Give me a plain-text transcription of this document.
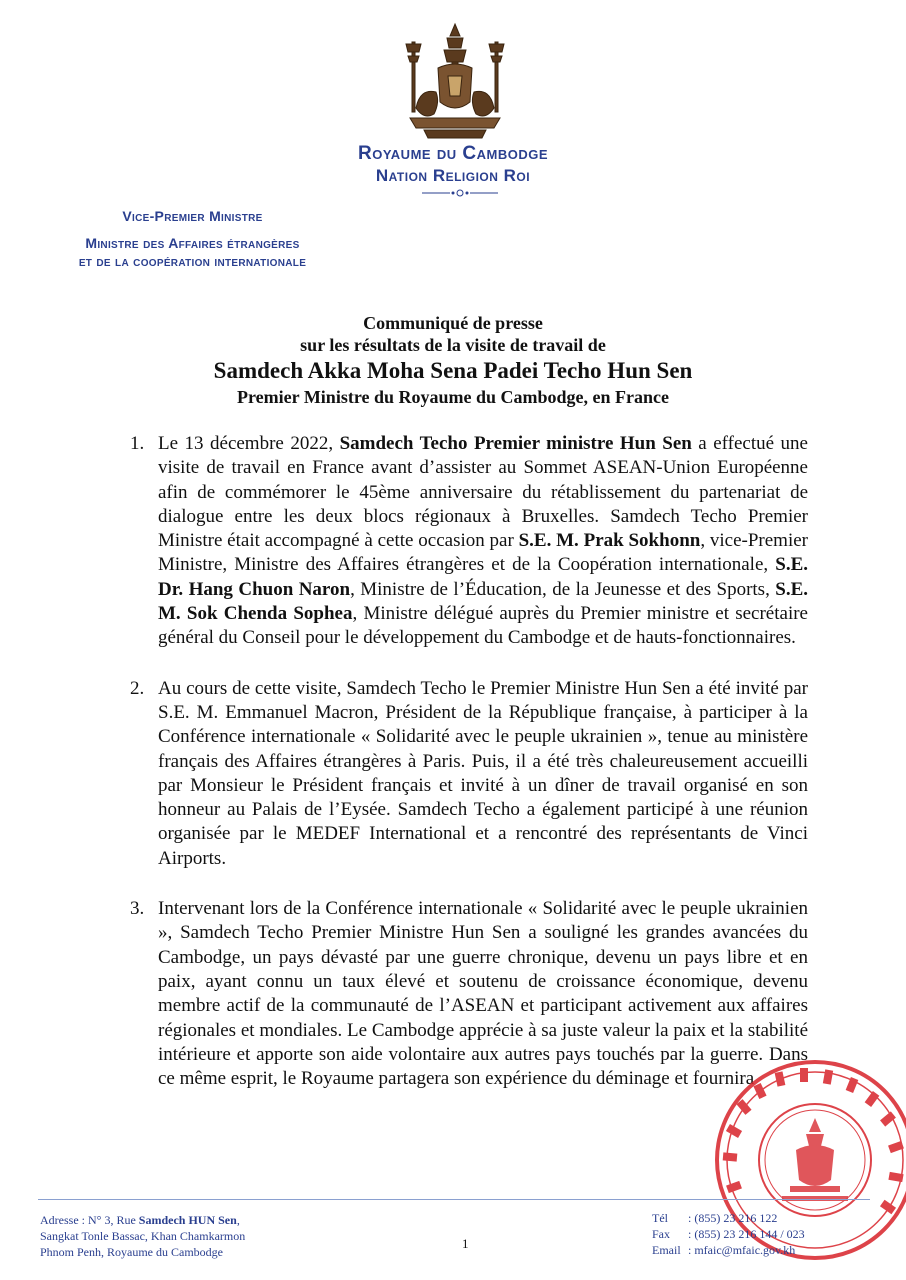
Royaume du Cambodge
Nation Religion Roi
Vice-Premier Ministre
Ministre des Affaires étrangères
et de la coopération internationale
Communiqué de presse
sur les résultats de la visite de travail de
Samdech Akka Moha Sena Padei Techo Hun Sen
Premier Ministre du Royaume du Cambodge, en France
1. Le 13 décembre 2022, Samdech Techo Premier ministre Hun Sen a effectué une visite de travail en France avant d’assister au Sommet ASEAN-Union Européenne afin de commémorer le 45ème anniversaire du rétablissement du partenariat de dialogue entre les deux blocs régionaux à Bruxelles. Samdech Techo Premier Ministre était accompagné à cette occasion par S.E. M. Prak Sokhonn, vice-Premier Ministre, Ministre des Affaires étrangères et de la Coopération internationale, S.E. Dr. Hang Chuon Naron, Ministre de l’Éducation, de la Jeunesse et des Sports, S.E. M. Sok Chenda Sophea, Ministre délégué auprès du Premier ministre et secrétaire général du Conseil pour le développement du Cambodge et de hauts-fonctionnaires.
2. Au cours de cette visite, Samdech Techo le Premier Ministre Hun Sen a été invité par S.E. M. Emmanuel Macron, Président de la République française, à participer à la Conférence internationale « Solidarité avec le peuple ukrainien », tenue au ministère français des Affaires étrangères à Paris. Puis, il a été très chaleureusement accueilli par Monsieur le Président français et invité à un dîner de travail organisé en son honneur au Palais de l’Eysée. Samdech Techo a également participé à une réunion organisée par le MEDEF International et a rencontré des représentants de Vinci Airports.
3. Intervenant lors de la Conférence internationale « Solidarité avec le peuple ukrainien », Samdech Techo Premier Ministre Hun Sen a souligné les grandes avancées du Cambodge, un pays dévasté par une guerre chronique, devenu un pays libre et en paix, ayant connu un taux élevé et soutenu de croissance économique, devenu membre actif de la communauté de l’ASEAN et participant activement aux affaires régionales et mondiales. Le Cambodge apprécie à sa juste valeur la paix et la stabilité intérieure et apporte son aide volontaire aux autres pays touchés par la guerre. Dans ce même esprit, le Royaume partagera son expérience du déminage et fournira
Adresse : N° 3, Rue Samdech HUN Sen,
Sangkat Tonle Bassac, Khan Chamkarmon
Phnom Penh, Royaume du Cambodge
1
Tél : (855) 23 216 122
Fax : (855) 23 216 144 / 023
Email : mfaic@mfaic.gov.kh
